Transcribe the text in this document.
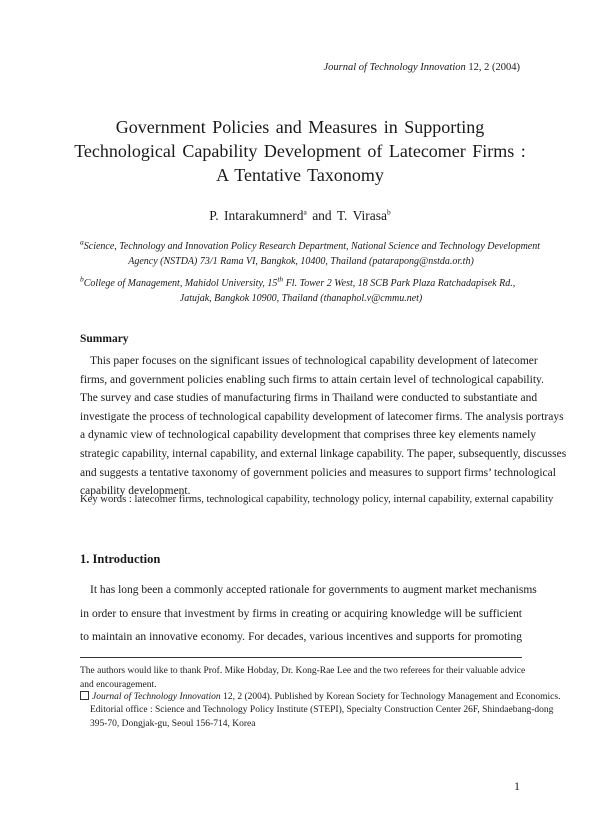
Journal of Technology Innovation 12, 2 (2004)
Government Policies and Measures in Supporting
Technological Capability Development of Latecomer Firms :
A Tentative Taxonomy
P. Intarakumnerd$^a$ and T. Virasa$^b$
$^a$Science, Technology and Innovation Policy Research Department, National Science and Technology Development
Agency (NSTDA) 73/1 Rama VI, Bangkok, 10400, Thailand (patarapong@nstda.or.th)
$^b$College of Management, Mahidol University, 15th Fl. Tower 2 West, 18 SCB Park Plaza Ratchadapisek Rd.,
Jatujak, Bangkok 10900, Thailand (thanaphol.v@cmmu.net)
Summary
This paper focuses on the significant issues of technological capability development of latecomer
firms, and government policies enabling such firms to attain certain level of technological capability.
The survey and case studies of manufacturing firms in Thailand were conducted to substantiate and
investigate the process of technological capability development of latecomer firms. The analysis portrays
a dynamic view of technological capability development that comprises three key elements namely
strategic capability, internal capability, and external linkage capability. The paper, subsequently, discusses
and suggests a tentative taxonomy of government policies and measures to support firms’ technological
capability development.
Key words : latecomer firms, technological capability, technology policy, internal capability, external capability
1. Introduction
It has long been a commonly accepted rationale for governments to augment market mechanisms
in order to ensure that investment by firms in creating or acquiring knowledge will be sufficient
to maintain an innovative economy. For decades, various incentives and supports for promoting
The authors would like to thank Prof. Mike Hobday, Dr. Kong-Rae Lee and the two referees for their valuable advice
and encouragement.
Journal of Technology Innovation 12, 2 (2004). Published by Korean Society for Technology Management and Economics.
Editorial office : Science and Technology Policy Institute (STEPI), Specialty Construction Center 26F, Shindaebang-dong
395-70, Dongjak-gu, Seoul 156-714, Korea
1
